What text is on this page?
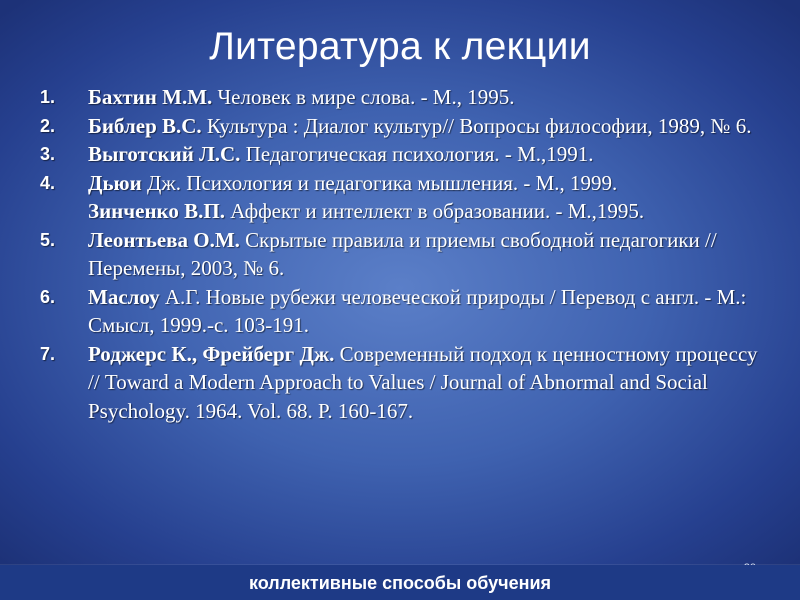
Литература к лекции
1. Бахтин М.М. Человек в мире слова. - М., 1995.
2. Библер В.С. Культура : Диалог культур// Вопросы философии, 1989, № 6.
3. Выготский Л.С. Педагогическая психология. - М.,1991.
4. Дьюи Дж. Психология и педагогика мышления. - М., 1999.
Зинченко В.П. Аффект и интеллект в образовании. - М.,1995.
5. Леонтьева О.М. Скрытые правила и приемы свободной педагогики // Перемены, 2003, № 6.
6. Маслоу А.Г. Новые рубежи человеческой природы / Перевод с англ. - М.: Смысл, 1999.-с. 103-191.
7. Роджерс К., Фрейберг Дж. Современный подход к ценностному процессу // Toward a Modern Approach to Values / Journal of Abnormal and Social Psychology. 1964. Vol. 68. P. 160-167.
коллективные способы обучения
